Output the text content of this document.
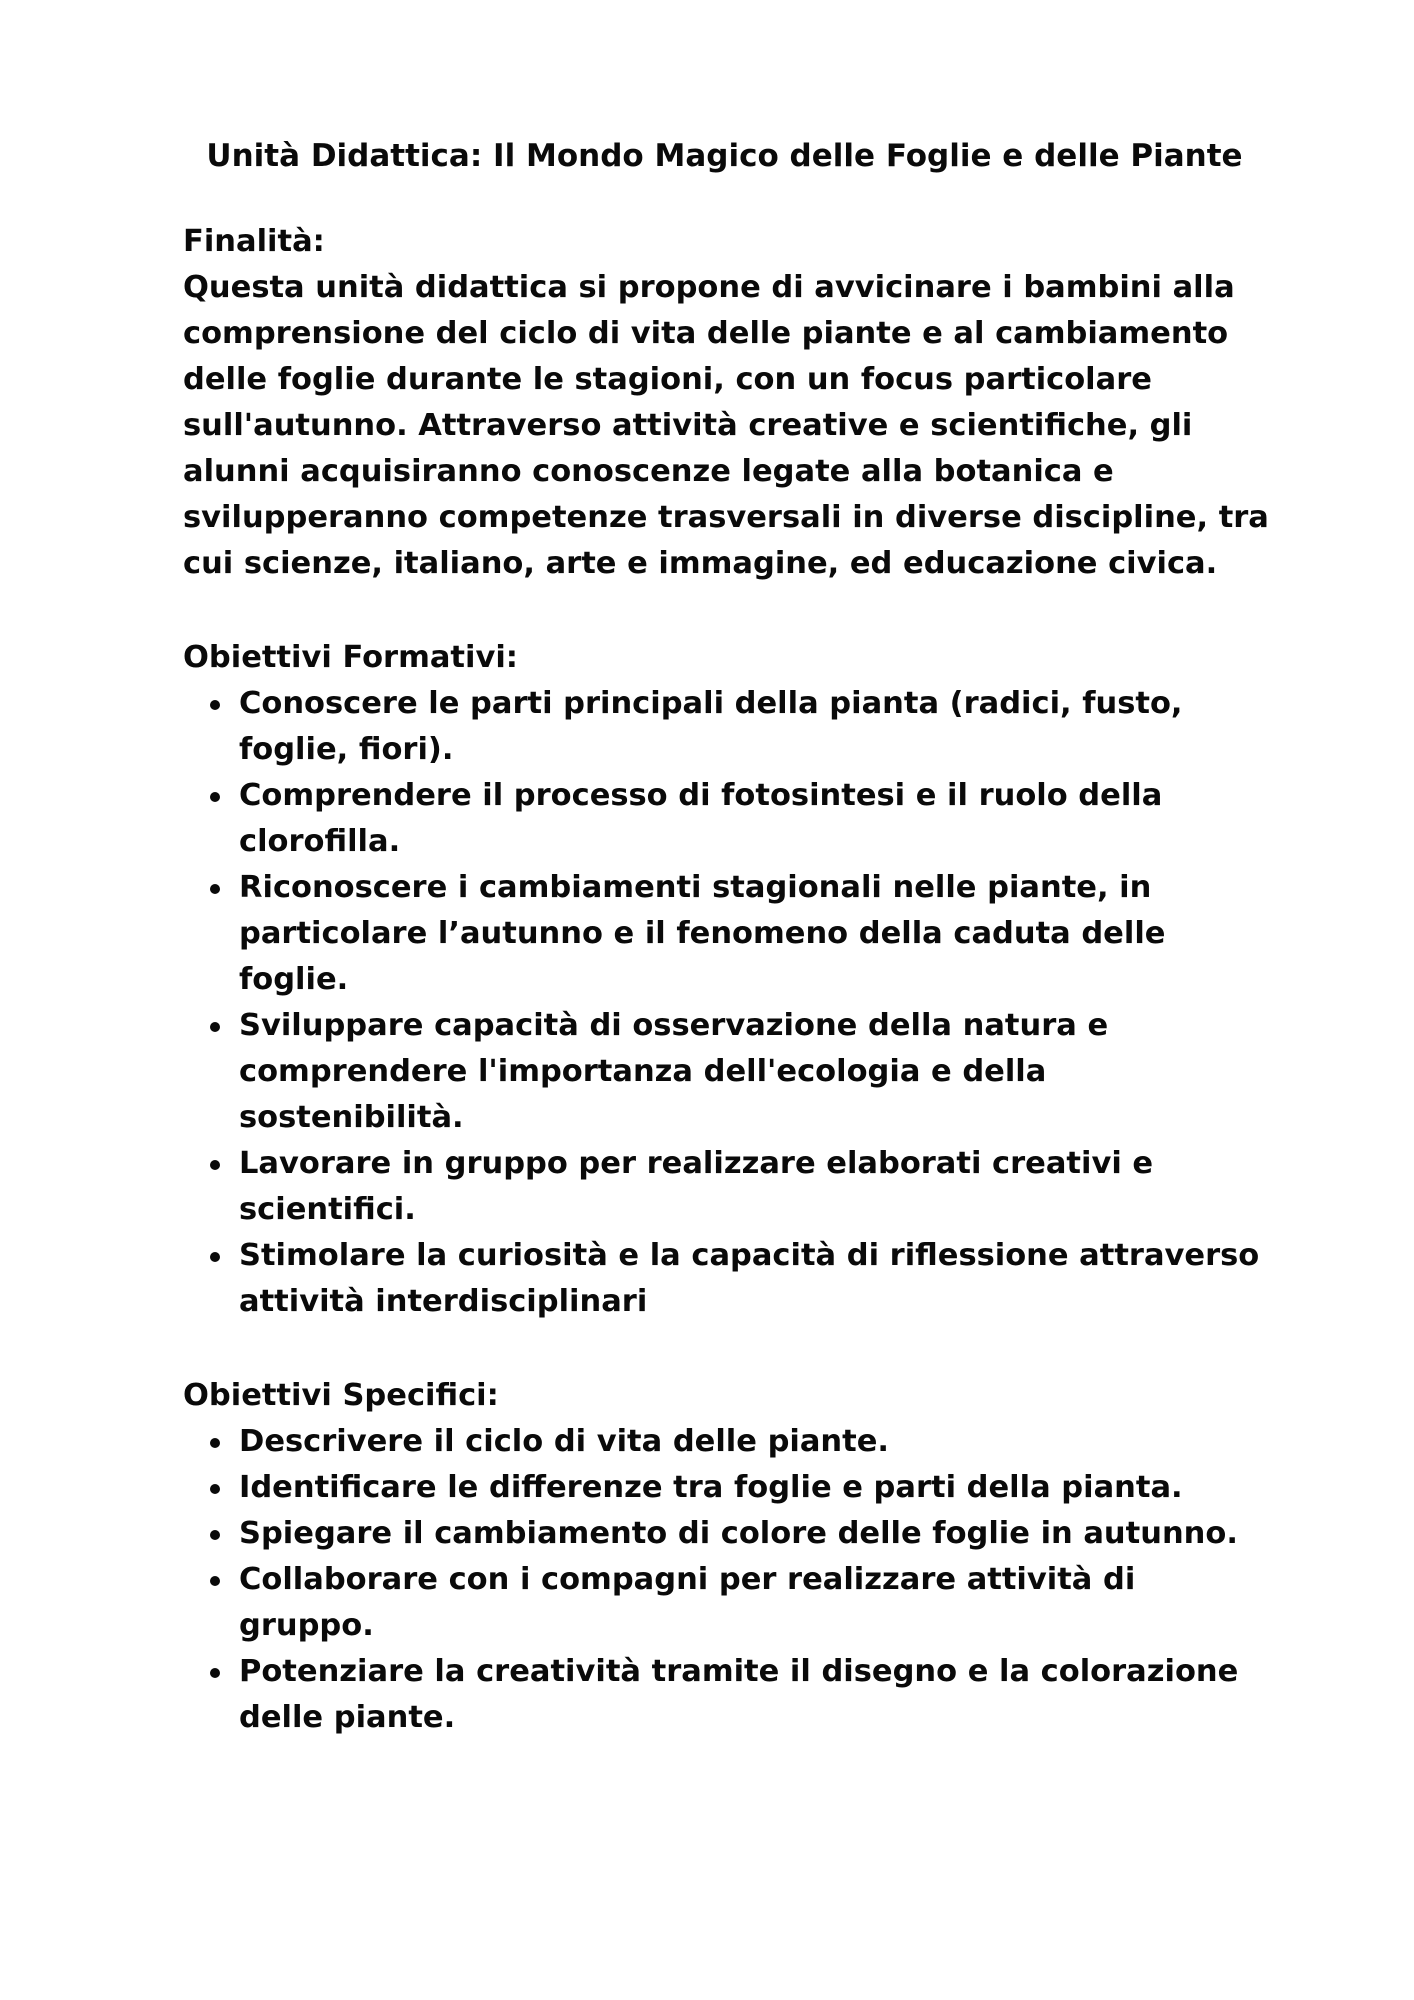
Unità Didattica: Il Mondo Magico delle Foglie e delle Piante
Finalità:
Questa unità didattica si propone di avvicinare i bambini alla comprensione del ciclo di vita delle piante e al cambiamento delle foglie durante le stagioni, con un focus particolare sull'autunno. Attraverso attività creative e scientifiche, gli alunni acquisiranno conoscenze legate alla botanica e svilupperanno competenze trasversali in diverse discipline, tra cui scienze, italiano, arte e immagine, ed educazione civica.
Obiettivi Formativi:
Conoscere le parti principali della pianta (radici, fusto, foglie, fiori).
Comprendere il processo di fotosintesi e il ruolo della clorofilla.
Riconoscere i cambiamenti stagionali nelle piante, in particolare l’autunno e il fenomeno della caduta delle foglie.
Sviluppare capacità di osservazione della natura e comprendere l'importanza dell'ecologia e della sostenibilità.
Lavorare in gruppo per realizzare elaborati creativi e scientifici.
Stimolare la curiosità e la capacità di riflessione attraverso attività interdisciplinari
Obiettivi Specifici:
Descrivere il ciclo di vita delle piante.
Identificare le differenze tra foglie e parti della pianta.
Spiegare il cambiamento di colore delle foglie in autunno.
Collaborare con i compagni per realizzare attività di gruppo.
Potenziare la creatività tramite il disegno e la colorazione delle piante.
